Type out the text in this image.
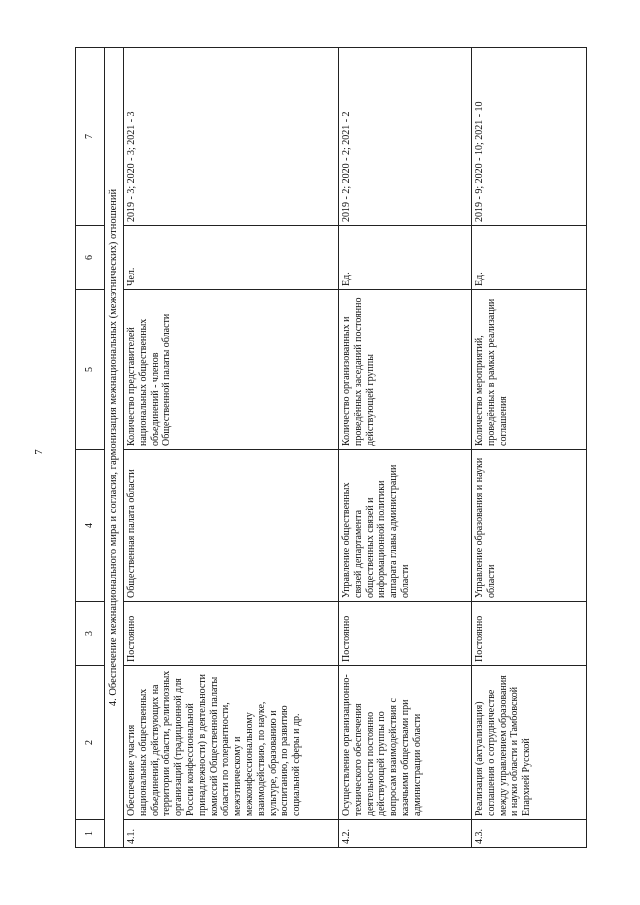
7
1	2	3	4	5	6	7
4. Обеспечение межнационального мира и согласия, гармонизация межнациональных (межэтнических) отношений						
4.1.	Обеспечение участия национальных общественных объединений, действующих на территории области, религиозных организаций (традиционной для России конфессиональной принадлежности) в деятельности комиссий Общественной палаты области по толерантности, межэтническому и межконфессиональному взаимодействию, по науке, культуре, образованию и воспитанию, по развитию социальной сферы и др.	Постоянно	Общественная палата области	Количество представителей национальных общественных объединений - членов Общественной палаты области	Чел.	2019 - 3; 2020 - 3; 2021 - 3
4.2.	Осуществление организационно-технического обеспечения деятельности постоянно действующей группы по вопросам взаимодействия с казачьими обществами при администрации области	Постоянно	Управление общественных связей департамента общественных связей и информационной политики аппарата главы администрации области	Количество организованных и проведённых заседаний постоянно действующей группы	Ед.	2019 - 2; 2020 - 2; 2021 - 2
4.3.	Реализация (актуализация) соглашения о сотрудничестве между управлением образования и науки области и Тамбовской Епархией Русской	Постоянно	Управление образования и науки области	Количество мероприятий, проведённых в рамках реализации соглашения	Ед.	2019 - 9; 2020 - 10; 2021 - 10
